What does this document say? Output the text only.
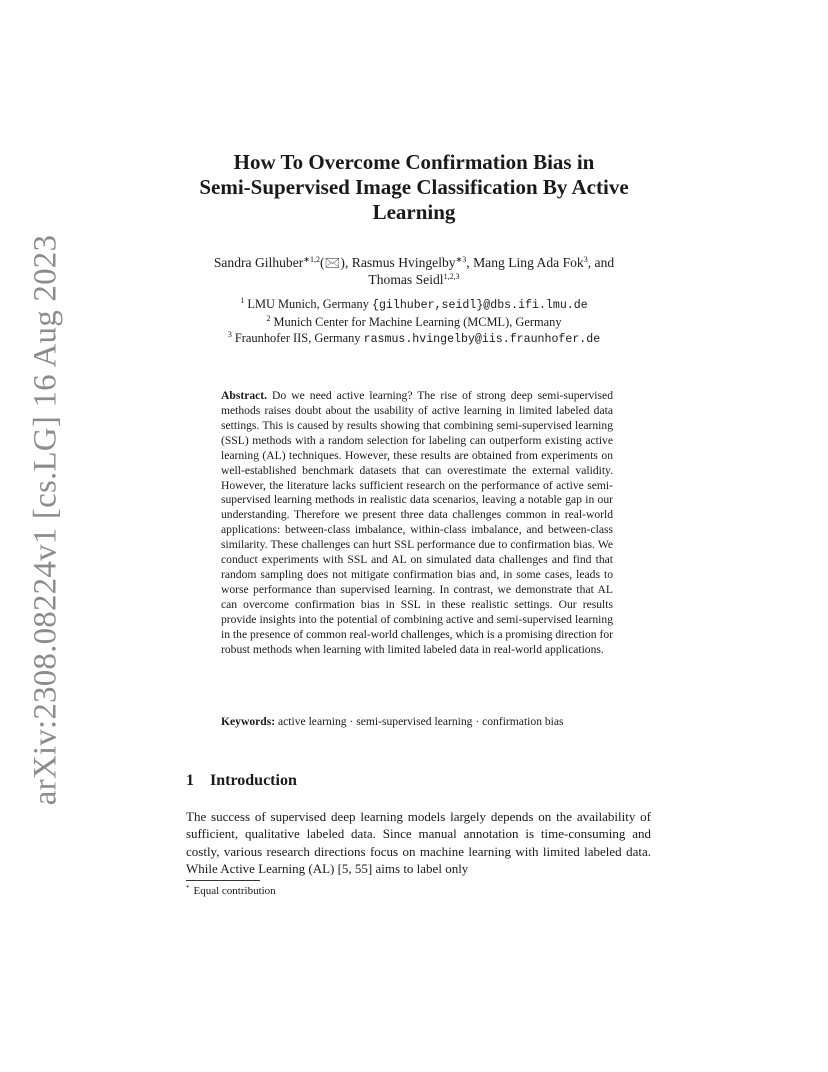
arXiv:2308.08224v1 [cs.LG] 16 Aug 2023
How To Overcome Confirmation Bias in
Semi-Supervised Image Classification By Active
Learning
Sandra Gilhuber$^{∗1,2}$(🖂), Rasmus Hvingelby$^{∗3}$, Mang Ling Ada Fok$^3$, and
Thomas Seidl$^{1,2,3}$
$^1$ LMU Munich, Germany {gilhuber,seidl}@dbs.ifi.lmu.de
$^2$ Munich Center for Machine Learning (MCML), Germany
$^3$ Fraunhofer IIS, Germany rasmus.hvingelby@iis.fraunhofer.de
Abstract. Do we need active learning? The rise of strong deep semi-supervised methods raises doubt about the usability of active learning in limited labeled data settings. This is caused by results showing that combining semi-supervised learning (SSL) methods with a random selection for labeling can outperform existing active learning (AL) techniques. However, these results are obtained from experiments on well-established benchmark datasets that can overestimate the external validity. However, the literature lacks sufficient research on the performance of active semi-supervised learning methods in realistic data scenarios, leaving a notable gap in our understanding. Therefore we present three data challenges common in real-world applications: between-class imbalance, within-class imbalance, and between-class similarity. These challenges can hurt SSL performance due to confirmation bias. We conduct experiments with SSL and AL on simulated data challenges and find that random sampling does not mitigate confirmation bias and, in some cases, leads to worse performance than supervised learning. In contrast, we demonstrate that AL can overcome confirmation bias in SSL in these realistic settings. Our results provide insights into the potential of combining active and semi-supervised learning in the presence of common real-world challenges, which is a promising direction for robust methods when learning with limited labeled data in real-world applications.
Keywords: active learning · semi-supervised learning · confirmation bias
1 Introduction
The success of supervised deep learning models largely depends on the availability of sufficient, qualitative labeled data. Since manual annotation is time-consuming and costly, various research directions focus on machine learning with limited labeled data. While Active Learning (AL) [5, 55] aims to label only
* Equal contribution
